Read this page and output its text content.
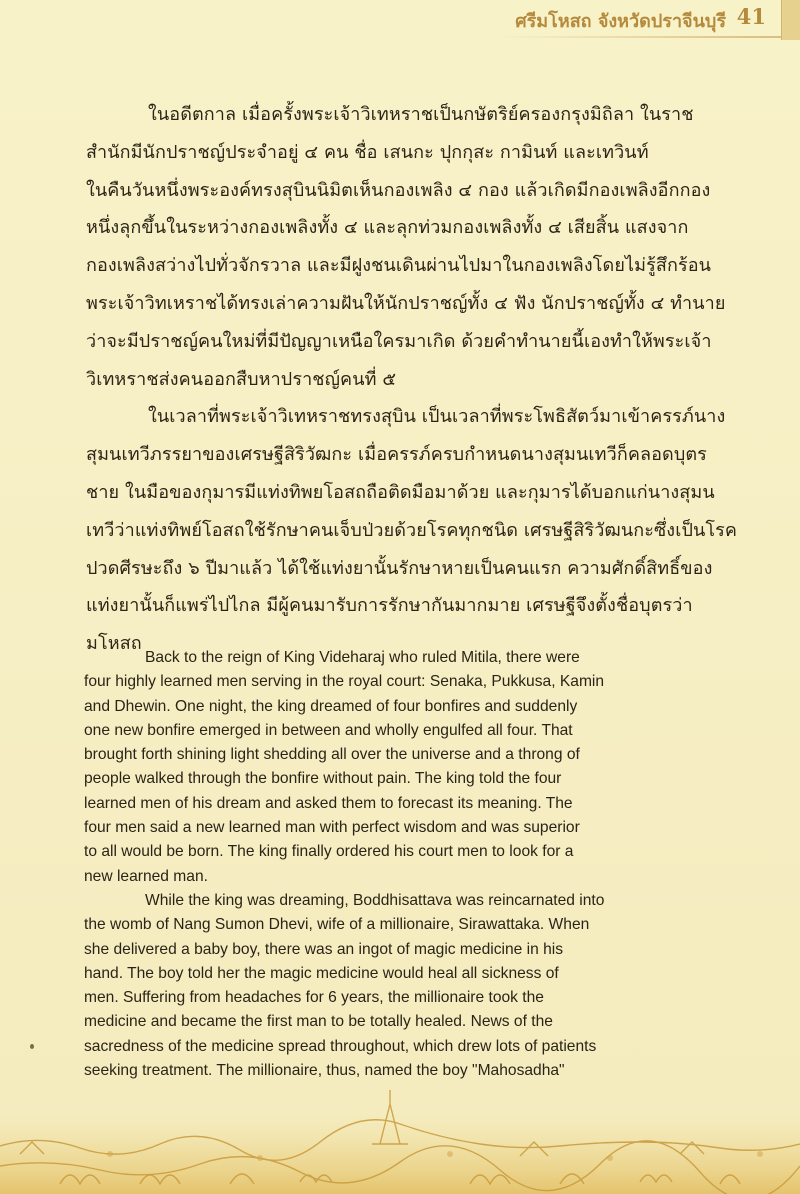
ศรีมโหสถ จังหวัดปราจีนบุรี 41
ในอดีตกาล เมื่อครั้งพระเจ้าวิเทหราชเป็นกษัตริย์ครองกรุงมิถิลา ในราช
สำนักมีนักปราชญ์ประจำอยู่ ๔ คน ชื่อ เสนกะ ปุกกุสะ กามินท์ และเทวินท์
ในคืนวันหนึ่งพระองค์ทรงสุบินนิมิตเห็นกองเพลิง ๔ กอง แล้วเกิดมีกองเพลิงอีกกอง
หนึ่งลุกขึ้นในระหว่างกองเพลิงทั้ง ๔ และลุกท่วมกองเพลิงทั้ง ๔ เสียสิ้น แสงจาก
กองเพลิงสว่างไปทั่วจักรวาล และมีฝูงชนเดินผ่านไปมาในกองเพลิงโดยไม่รู้สึกร้อน
พระเจ้าวิทเหราชได้ทรงเล่าความฝันให้นักปราชญ์ทั้ง ๔ ฟัง นักปราชญ์ทั้ง ๔ ทำนาย
ว่าจะมีปราชญ์คนใหม่ที่มีปัญญาเหนือใครมาเกิด ด้วยคำทำนายนี้เองทำให้พระเจ้า
วิเทหราชส่งคนออกสืบหาปราชญ์คนที่ ๕
ในเวลาที่พระเจ้าวิเทหราชทรงสุบิน เป็นเวลาที่พระโพธิสัตว์มาเข้าครรภ์นาง
สุมนเทวีภรรยาของเศรษฐีสิริวัฒกะ เมื่อครรภ์ครบกำหนดนางสุมนเทวีก็คลอดบุตร
ชาย ในมือของกุมารมีแท่งทิพยโอสถถือติดมือมาด้วย และกุมารได้บอกแก่นางสุมน
เทวีว่าแท่งทิพย์โอสถใช้รักษาคนเจ็บป่วยด้วยโรคทุกชนิด เศรษฐีสิริวัฒนกะซึ่งเป็นโรค
ปวดศีรษะถึง ๖ ปีมาแล้ว ได้ใช้แท่งยานั้นรักษาหายเป็นคนแรก ความศักดิ์สิทธิ์ของ
แท่งยานั้นก็แพร่ไปไกล มีผู้คนมารับการรักษากันมากมาย เศรษฐีจึงตั้งชื่อบุตรว่า
มโหสถ
Back to the reign of King Videharaj who ruled Mitila, there were
four highly learned men serving in the royal court: Senaka, Pukkusa, Kamin
and Dhewin. One night, the king dreamed of four bonfires and suddenly
one new bonfire emerged in between and wholly engulfed all four. That
brought forth shining light shedding all over the universe and a throng of
people walked through the bonfire without pain. The king told the four
learned men of his dream and asked them to forecast its meaning. The
four men said a new learned man with perfect wisdom and was superior
to all would be born. The king finally ordered his court men to look for a
new learned man.
While the king was dreaming, Boddhisattava was reincarnated into
the womb of Nang Sumon Dhevi, wife of a millionaire, Sirawattaka. When
she delivered a baby boy, there was an ingot of magic medicine in his
hand. The boy told her the magic medicine would heal all sickness of
men. Suffering from headaches for 6 years, the millionaire took the
medicine and became the first man to be totally healed. News of the
sacredness of the medicine spread throughout, which drew lots of patients
seeking treatment. The millionaire, thus, named the boy "Mahosadha"
